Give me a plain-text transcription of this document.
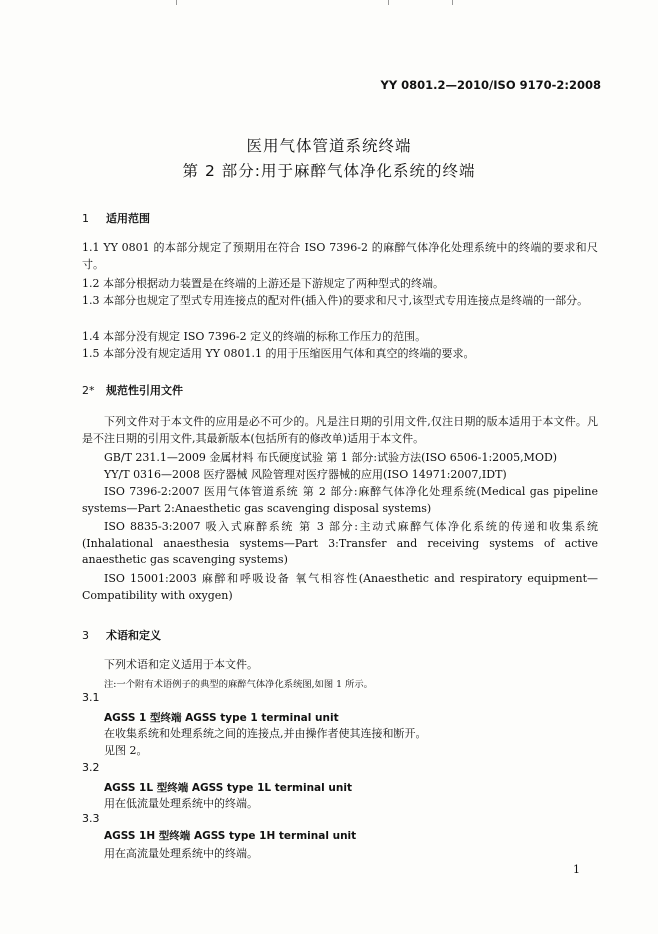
YY 0801.2—2010/ISO 9170-2:2008
医用气体管道系统终端
第 2 部分:用于麻醉气体净化系统的终端
1 适用范围
1.1 YY 0801 的本部分规定了预期用在符合 ISO 7396-2 的麻醉气体净化处理系统中的终端的要求和尺寸。
1.2 本部分根据动力装置是在终端的上游还是下游规定了两种型式的终端。
1.3 本部分也规定了型式专用连接点的配对件(插入件)的要求和尺寸,该型式专用连接点是终端的一部分。
1.4 本部分没有规定 ISO 7396-2 定义的终端的标称工作压力的范围。
1.5 本部分没有规定适用 YY 0801.1 的用于压缩医用气体和真空的终端的要求。
2* 规范性引用文件
下列文件对于本文件的应用是必不可少的。凡是注日期的引用文件,仅注日期的版本适用于本文件。凡是不注日期的引用文件,其最新版本(包括所有的修改单)适用于本文件。
GB/T 231.1—2009 金属材料 布氏硬度试验 第 1 部分:试验方法(ISO 6506-1:2005,MOD)
YY/T 0316—2008 医疗器械 风险管理对医疗器械的应用(ISO 14971:2007,IDT)
ISO 7396-2:2007 医用气体管道系统 第 2 部分:麻醉气体净化处理系统(Medical gas pipeline systems—Part 2:Anaesthetic gas scavenging disposal systems)
ISO 8835-3:2007 吸入式麻醉系统 第 3 部分:主动式麻醉气体净化系统的传递和收集系统(Inhalational anaesthesia systems—Part 3:Transfer and receiving systems of active anaesthetic gas scavenging systems)
ISO 15001:2003 麻醉和呼吸设备 氧气相容性(Anaesthetic and respiratory equipment—Compatibility with oxygen)
3 术语和定义
下列术语和定义适用于本文件。
注:一个附有术语例子的典型的麻醉气体净化系统图,如图 1 所示。
3.1
AGSS 1 型终端 AGSS type 1 terminal unit
在收集系统和处理系统之间的连接点,并由操作者使其连接和断开。
见图 2。
3.2
AGSS 1L 型终端 AGSS type 1L terminal unit
用在低流量处理系统中的终端。
3.3
AGSS 1H 型终端 AGSS type 1H terminal unit
用在高流量处理系统中的终端。
1
